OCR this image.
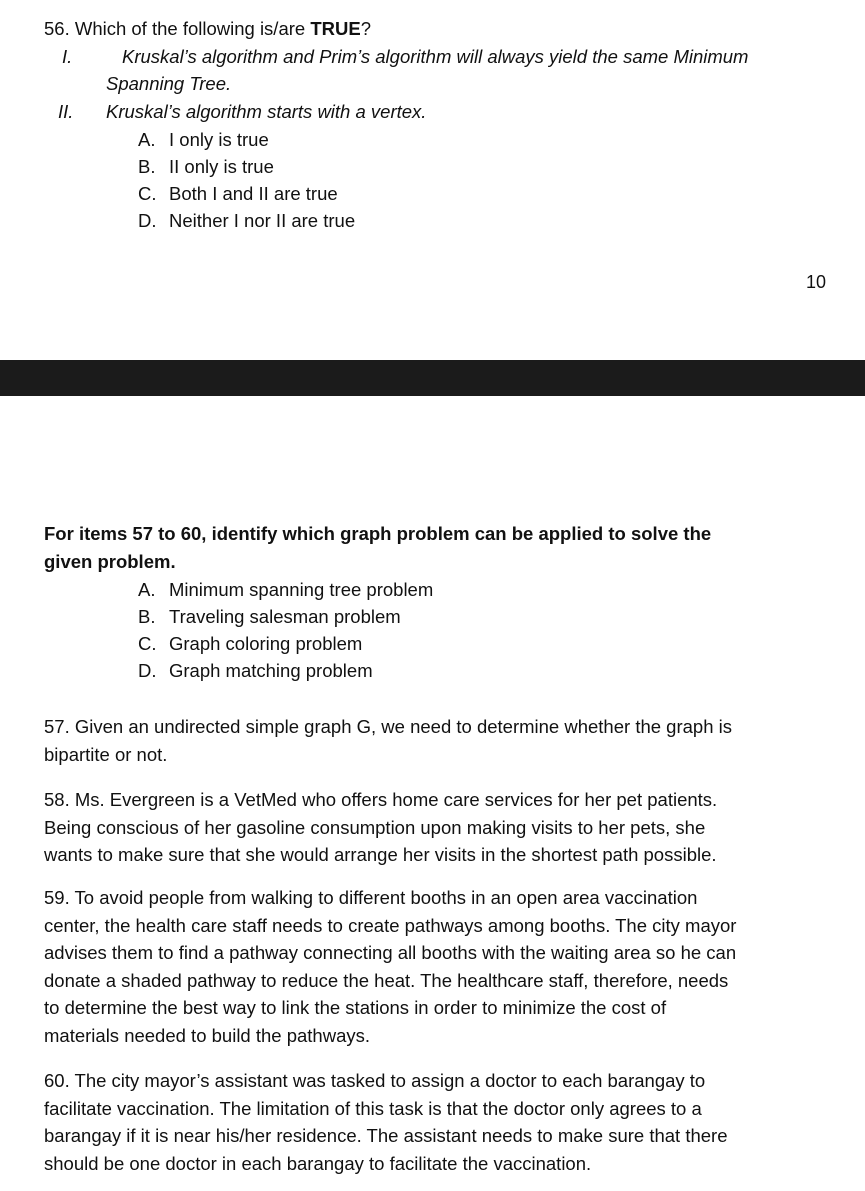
56. Which of the following is/are TRUE?
I.	Kruskal’s algorithm and Prim’s algorithm will always yield the same Minimum
Spanning Tree.
II. Kruskal’s algorithm starts with a vertex.
A. I only is true
B. II only is true
C. Both I and II are true
D. Neither I nor II are true
10
For items 57 to 60, identify which graph problem can be applied to solve the
given problem.
A. Minimum spanning tree problem
B. Traveling salesman problem
C. Graph coloring problem
D. Graph matching problem
57. Given an undirected simple graph G, we need to determine whether the graph is
bipartite or not.
58. Ms. Evergreen is a VetMed who offers home care services for her pet patients.
Being conscious of her gasoline consumption upon making visits to her pets, she
wants to make sure that she would arrange her visits in the shortest path possible.
59. To avoid people from walking to different booths in an open area vaccination
center, the health care staff needs to create pathways among booths. The city mayor
advises them to find a pathway connecting all booths with the waiting area so he can
donate a shaded pathway to reduce the heat. The healthcare staff, therefore, needs
to determine the best way to link the stations in order to minimize the cost of
materials needed to build the pathways.
60. The city mayor’s assistant was tasked to assign a doctor to each barangay to
facilitate vaccination. The limitation of this task is that the doctor only agrees to a
barangay if it is near his/her residence. The assistant needs to make sure that there
should be one doctor in each barangay to facilitate the vaccination.
